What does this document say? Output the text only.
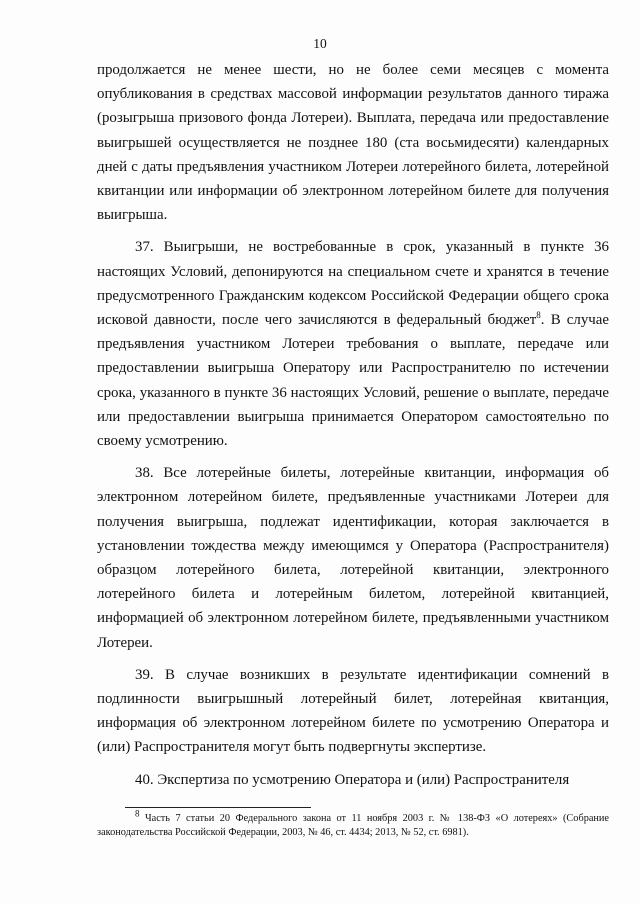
10

продолжается не менее шести, но не более семи месяцев с момента опубликования в средствах массовой информации результатов данного тиража (розыгрыша призового фонда Лотереи). Выплата, передача или предоставление выигрышей осуществляется не позднее 180 (ста восьмидесяти) календарных дней с даты предъявления участником Лотереи лотерейного билета, лотерейной квитанции или информации об электронном лотерейном билете для получения выигрыша.

37. Выигрыши, не востребованные в срок, указанный в пункте 36 настоящих Условий, депонируются на специальном счете и хранятся в течение предусмотренного Гражданским кодексом Российской Федерации общего срока исковой давности, после чего зачисляются в федеральный бюджет$^8$. В случае предъявления участником Лотереи требования о выплате, передаче или предоставлении выигрыша Оператору или Распространителю по истечении срока, указанного в пункте 36 настоящих Условий, решение о выплате, передаче или предоставлении выигрыша принимается Оператором самостоятельно по своему усмотрению.

38. Все лотерейные билеты, лотерейные квитанции, информация об электронном лотерейном билете, предъявленные участниками Лотереи для получения выигрыша, подлежат идентификации, которая заключается в установлении тождества между имеющимся у Оператора (Распространителя) образцом лотерейного билета, лотерейной квитанции, электронного лотерейного билета и лотерейным билетом, лотерейной квитанцией, информацией об электронном лотерейном билете, предъявленными участником Лотереи.

39. В случае возникших в результате идентификации сомнений в подлинности выигрышный лотерейный билет, лотерейная квитанция, информация об электронном лотерейном билете по усмотрению Оператора и (или) Распространителя могут быть подвергнуты экспертизе.

40. Экспертиза по усмотрению Оператора и (или) Распространителя

$^8$ Часть 7 статьи 20 Федерального закона от 11 ноября 2003 г. № 138-ФЗ «О лотереях» (Собрание законодательства Российской Федерации, 2003, № 46, ст. 4434; 2013, № 52, ст. 6981).
